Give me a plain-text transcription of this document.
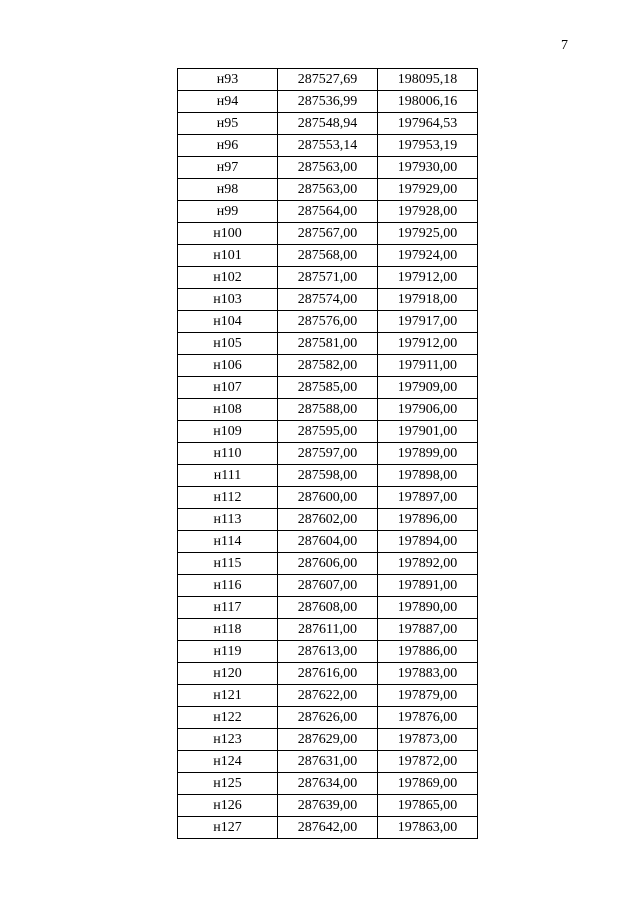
7
н93	287527,69	198095,18
н94	287536,99	198006,16
н95	287548,94	197964,53
н96	287553,14	197953,19
н97	287563,00	197930,00
н98	287563,00	197929,00
н99	287564,00	197928,00
н100	287567,00	197925,00
н101	287568,00	197924,00
н102	287571,00	197912,00
н103	287574,00	197918,00
н104	287576,00	197917,00
н105	287581,00	197912,00
н106	287582,00	197911,00
н107	287585,00	197909,00
н108	287588,00	197906,00
н109	287595,00	197901,00
н110	287597,00	197899,00
н111	287598,00	197898,00
н112	287600,00	197897,00
н113	287602,00	197896,00
н114	287604,00	197894,00
н115	287606,00	197892,00
н116	287607,00	197891,00
н117	287608,00	197890,00
н118	287611,00	197887,00
н119	287613,00	197886,00
н120	287616,00	197883,00
н121	287622,00	197879,00
н122	287626,00	197876,00
н123	287629,00	197873,00
н124	287631,00	197872,00
н125	287634,00	197869,00
н126	287639,00	197865,00
н127	287642,00	197863,00
